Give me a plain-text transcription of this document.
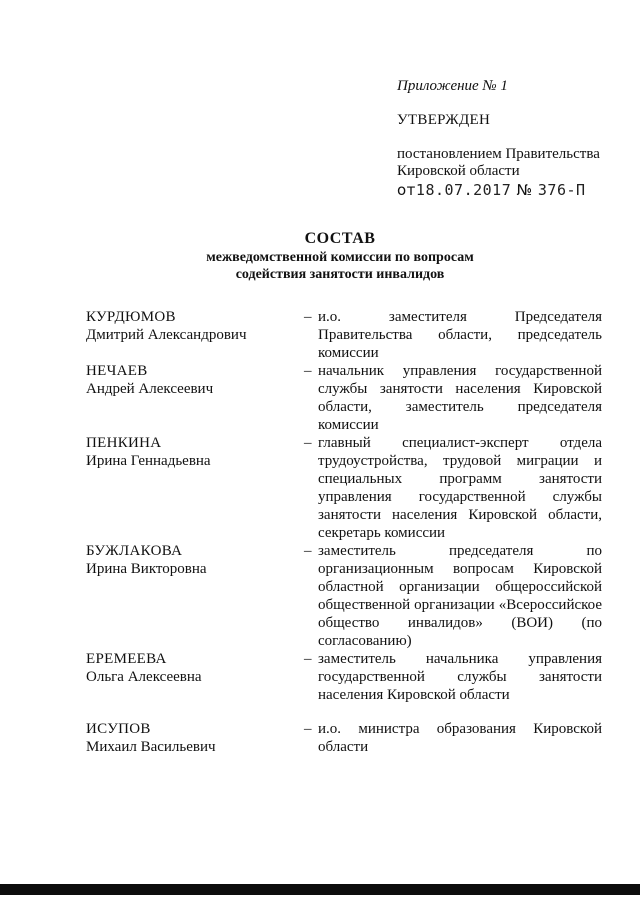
Приложение № 1
УТВЕРЖДЕН
постановлением Правительства
Кировской области
от18.07.2017 № 376-П
СОСТАВ
межведомственной комиссии по вопросам
содействия занятости инвалидов
КУРДЮМОВ
Дмитрий Александрович
– и.о. заместителя Председателя Правительства области, председатель комиссии
НЕЧАЕВ
Андрей Алексеевич
– начальник управления государственной службы занятости населения Кировской области, заместитель председателя комиссии
ПЕНКИНА
Ирина Геннадьевна
– главный специалист-эксперт отдела трудоустройства, трудовой миграции и специальных программ занятости управления государственной службы занятости населения Кировской области, секретарь комиссии
БУЖЛАКОВА
Ирина Викторовна
– заместитель председателя по организационным вопросам Кировской областной организации общероссийской общественной организации «Всероссийское общество инвалидов» (ВОИ) (по согласованию)
ЕРЕМЕЕВА
Ольга Алексеевна
– заместитель начальника управления государственной службы занятости населения Кировской области
ИСУПОВ
Михаил Васильевич
– и.о. министра образования Кировской области
